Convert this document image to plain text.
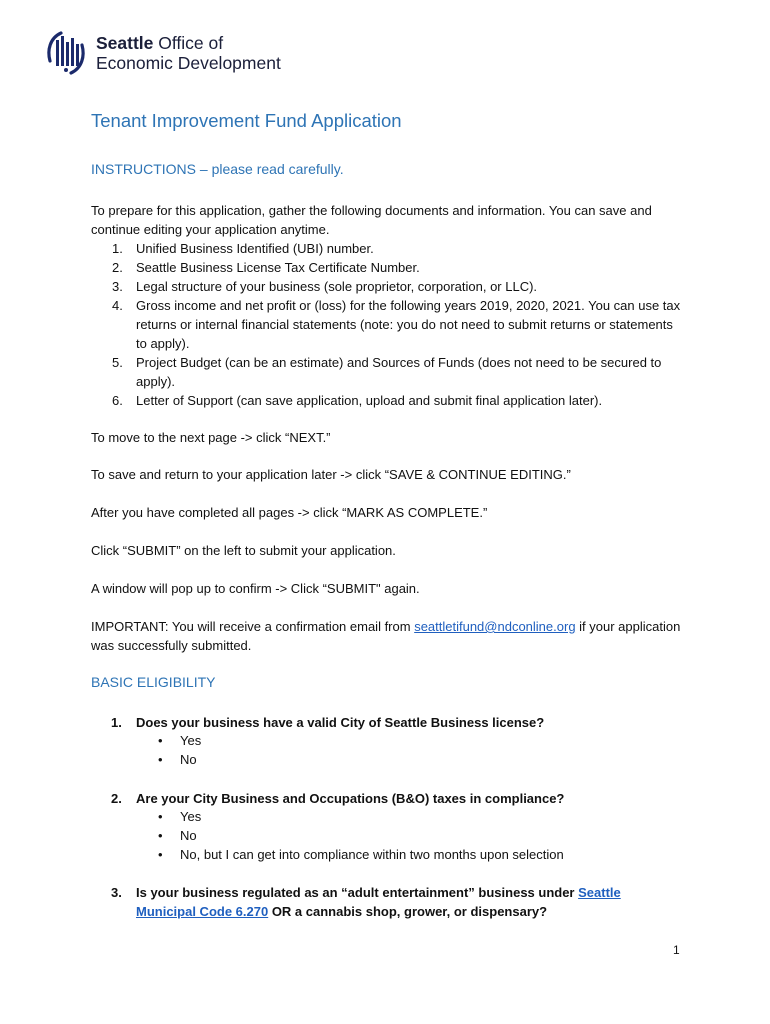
Seattle Office of
Economic Development
Tenant Improvement Fund Application
INSTRUCTIONS – please read carefully.

To prepare for this application, gather the following documents and information. You can save and continue editing your application anytime.

1. Unified Business Identified (UBI) number.
2. Seattle Business License Tax Certificate Number.
3. Legal structure of your business (sole proprietor, corporation, or LLC).
4. Gross income and net profit or (loss) for the following years 2019, 2020, 2021. You can use tax returns or internal financial statements (note: you do not need to submit returns or statements to apply).
5. Project Budget (can be an estimate) and Sources of Funds (does not need to be secured to apply).
6. Letter of Support (can save application, upload and submit final application later).
To move to the next page -> click “NEXT.”
To save and return to your application later -> click “SAVE & CONTINUE EDITING.”
After you have completed all pages -> click “MARK AS COMPLETE.”
Click “SUBMIT” on the left to submit your application.
A window will pop up to confirm -> Click “SUBMIT" again.
IMPORTANT: You will receive a confirmation email from seattletifund@ndconline.org if your application was successfully submitted.
BASIC ELIGIBILITY
1.	Does your business have a valid City of Seattle Business license?
• Yes
• No
2.	Are your City Business and Occupations (B&O) taxes in compliance?
• Yes
• No
• No, but I can get into compliance within two months upon selection
3.	Is your business regulated as an “adult entertainment” business under Seattle Municipal Code 6.270 OR a cannabis shop, grower, or dispensary?
1
